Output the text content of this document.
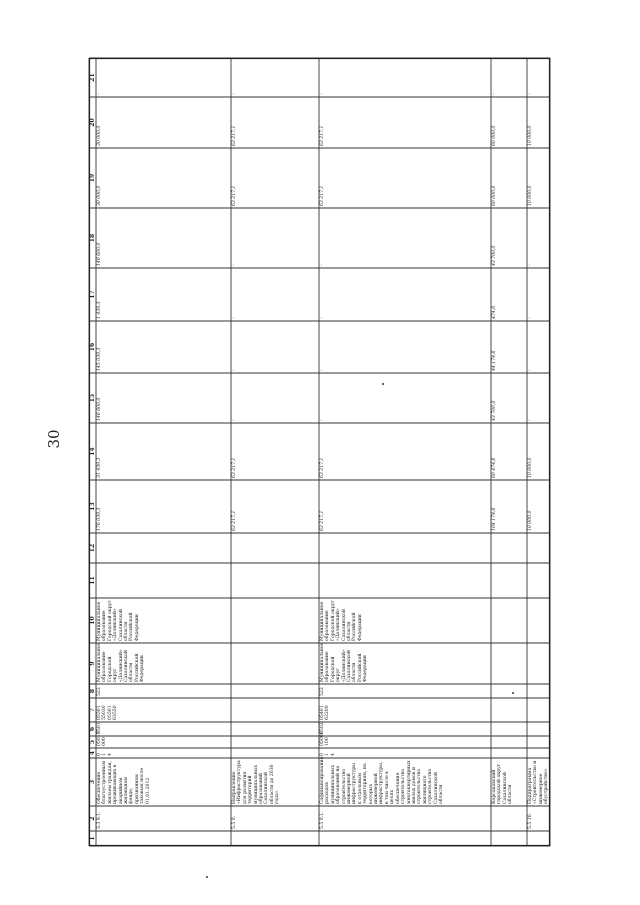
30
1
2
3
4
5
6
7
8
9
10
11
12
13
14
15
16
17
18
19
20
21
3.3 9.1.
Обеспечение благоустроенным жильем граждан, проживающих в аварийном жилищном фонде, признанном таковым после 01.01.2012
0 1 4
05017 000
0501
05501 55030 05501 63550
522
Муниципальное образование Городской округ «Долинский» Сахалинской области Российской Федерации
Муниципальное образование Городской округ «Долинский» Сахалинской области Российской Федерации
176 039,3
31 439,3
146 600,0
145 039,3
1 439,3
146 600,0
30 000,0
30 000,0
-
5.5 9.
Направление «Инфраструктура для развития территорий муниципальных образований Сахалинской области до 2030 года»
63 217,1
63 217,1
-
-
-
-
63 217,1
63 217,1
-
5.5 9.1.
Софинансирование расходов муниципальных образований на строительство инженерной инфраструктуры к отдельным территориям, на которых инженерной инфраструктуры, в том числе в целях обеспечения строительства многоквартирных жилых домов и строительства жилищного строительства Сахалинской области
0 1 4
05006 100
0502
05401 63200
522
Муниципальное образование Городской округ «Долинский» Сахалинской области Российской Федерации
Муниципальное образование Городской округ «Долинский» Сахалинской области Российской Федерации
63 217,1
63 217,1
-
-
-
-
63 217,1
63 217,1
-
Корсаковский городской округ Сахалинской области
104 174,6
60 474,6
43 700,0
44 174,6
474,6
43 700,0
60 000,0
60 000,0
-
5.5 10.
Подпрограмма «Строительство и инженерное обустройство»
10 000,0
10 000,0
-
-
-
-
10 000,0
10 000,0
-
